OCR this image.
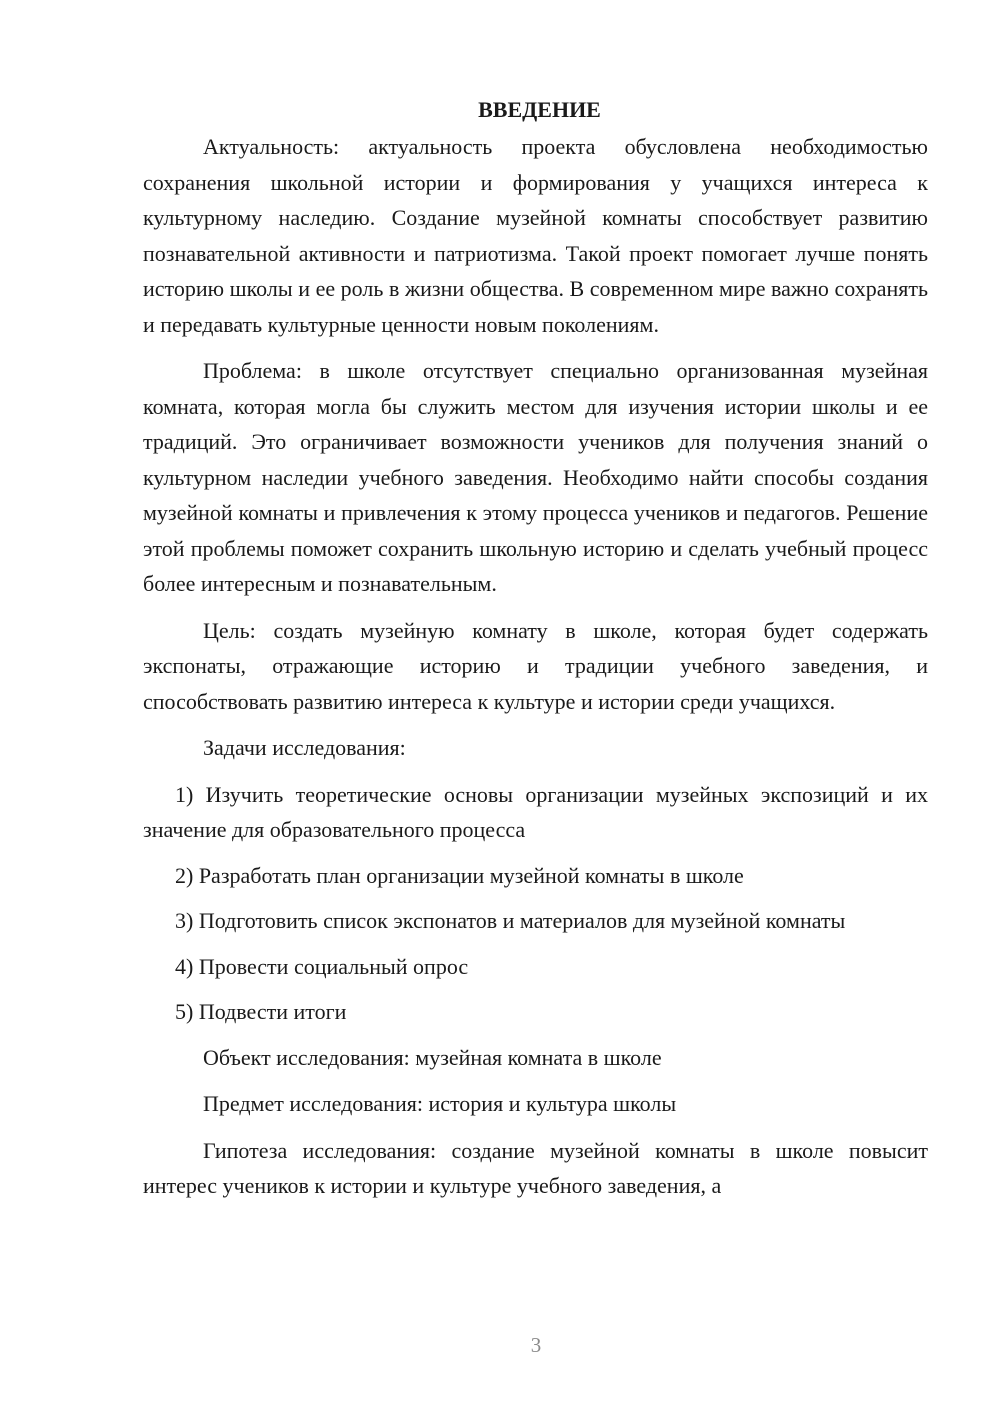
ВВЕДЕНИЕ

Актуальность: актуальность проекта обусловлена необходимостью сохранения школьной истории и формирования у учащихся интереса к культурному наследию. Создание музейной комнаты способствует развитию познавательной активности и патриотизма. Такой проект помогает лучше понять историю школы и ее роль в жизни общества. В современном мире важно сохранять и передавать культурные ценности новым поколениям.

Проблема: в школе отсутствует специально организованная музейная комната, которая могла бы служить местом для изучения истории школы и ее традиций. Это ограничивает возможности учеников для получения знаний о культурном наследии учебного заведения. Необходимо найти способы создания музейной комнаты и привлечения к этому процесса учеников и педагогов. Решение этой проблемы поможет сохранить школьную историю и сделать учебный процесс более интересным и познавательным.

Цель: создать музейную комнату в школе, которая будет содержать экспонаты, отражающие историю и традиции учебного заведения, и способствовать развитию интереса к культуре и истории среди учащихся.

Задачи исследования:

1) Изучить теоретические основы организации музейных экспозиций и их значение для образовательного процесса

2) Разработать план организации музейной комнаты в школе

3) Подготовить список экспонатов и материалов для музейной комнаты

4) Провести социальный опрос

5) Подвести итоги

Объект исследования: музейная комната в школе

Предмет исследования: история и культура школы

Гипотеза исследования: создание музейной комнаты в школе повысит интерес учеников к истории и культуре учебного заведения, а

3
